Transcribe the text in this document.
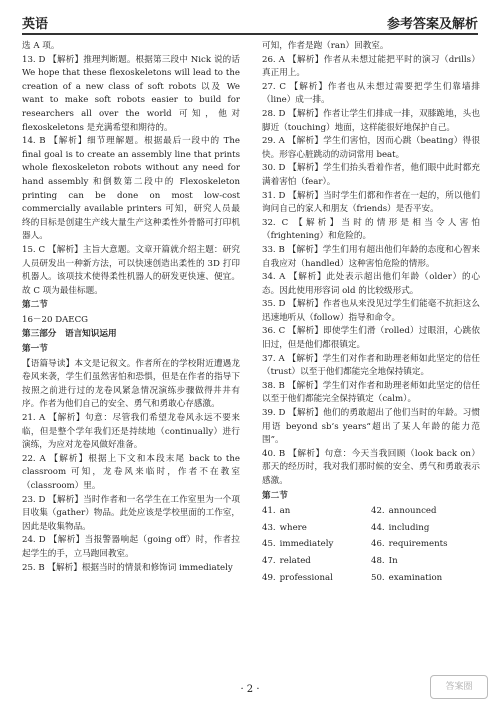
英语	参考答案及解析

选 A 项。

13. D 【解析】推理判断题。根据第三段中 Nick 说的话 We hope that these flexoskeletons will lead to the creation of a new class of soft robots 以及 We want to make soft robots easier to build for researchers all over the world 可知，他对 flexoskeletons 是充满希望和期待的。

14. B 【解析】细节理解题。根据最后一段中的 The final goal is to create an assembly line that prints whole flexoskeleton robots without any need for hand assembly 和倒数第二段中的 Flexoskeleton printing can be done on most low-cost commercially available printers 可知，研究人员最终的目标是创建生产线大量生产这种柔性外骨骼可打印机器人。

15. C 【解析】主旨大意题。文章开篇就介绍主题：研究人员研发出一种新方法，可以快速创造出柔性的 3D 打印机器人。该项技术使得柔性机器人的研发更快速、便宜。故 C 项为最佳标题。

第二节

16－20 DAECG

第三部分　语言知识运用

第一节

【语篇导读】本文是记叙文。作者所在的学校附近遭遇龙卷风来袭，学生们虽然害怕和恐惧，但是在作者的指导下按照之前进行过的龙卷风紧急情况演练步骤做得井井有序。作者为他们自己的安全、勇气和勇敢心存感激。

21. A 【解析】句意：尽管我们希望龙卷风永远不要来临，但是整个学年我们还是持续地（continually）进行演练，为应对龙卷风做好准备。

22. A 【解析】根据上下文和本段末尾 back to the classroom 可知，龙卷风来临时，作者不在教室（classroom）里。

23. D 【解析】当时作者和一名学生在工作室里为一个项目收集（gather）物品。此处应该是学校里面的工作室，因此是收集物品。

24. D 【解析】当报警器响起（going off）时，作者拉起学生的手，立马跑回教室。

25. B 【解析】根据当时的情景和修饰词 immediately

可知，作者是跑（ran）回教室。

26. A 【解析】作者从未想过能把平时的演习（drills）真正用上。

27. C 【解析】作者也从未想过需要把学生们靠墙排（line）成一排。

28. D 【解析】作者让学生们排成一排，双膝跪地，头也脚近（touching）地面，这样能很好地保护自己。

29. A 【解析】学生们害怕，因而心跳（beating）得很快。形容心脏跳动的动词常用 beat。

30. D 【解析】学生们抬头看着作者，他们眼中此时都充满着害怕（fear）。

31. D 【解析】当时学生们都和作者在一起的，所以他们询问自己的家人和朋友（friends）是否平安。

32. C 【解析】当时的情形是相当令人害怕（frightening）和危险的。

33. B 【解析】学生们用有超出他们年龄的态度和心智来自我应对（handled）这种害怕危险的情形。

34. A 【解析】此处表示超出他们年龄（older）的心态。因此使用形容词 old 的比较级形式。

35. D 【解析】作者也从来没见过学生们能毫不抗拒这么迅速地听从（follow）指导和命令。

36. C 【解析】即使学生们滑（rolled）过眼泪，心跳依旧过，但是他们都很镇定。

37. A 【解析】学生们对作者和助理老师如此坚定的信任（trust）以至于他们都能完全地保持镇定。

38. B 【解析】学生们对作者和助理老师如此坚定的信任以至于他们都能完全保持镇定（calm）。

39. D 【解析】他们的勇敢超出了他们当时的年龄。习惯用语 beyond sb’s years“超出了某人年龄的能力范围”。

40. B 【解析】句意：今天当我回顾（look back on）那天的经历时，我对我们那时候的安全、勇气和勇敢表示感激。

第二节

41. an	42. announced
43. where	44. including
45. immediately	46. requirements
47. related	48. In
49. professional	50. examination
· 2 ·	答案圈
